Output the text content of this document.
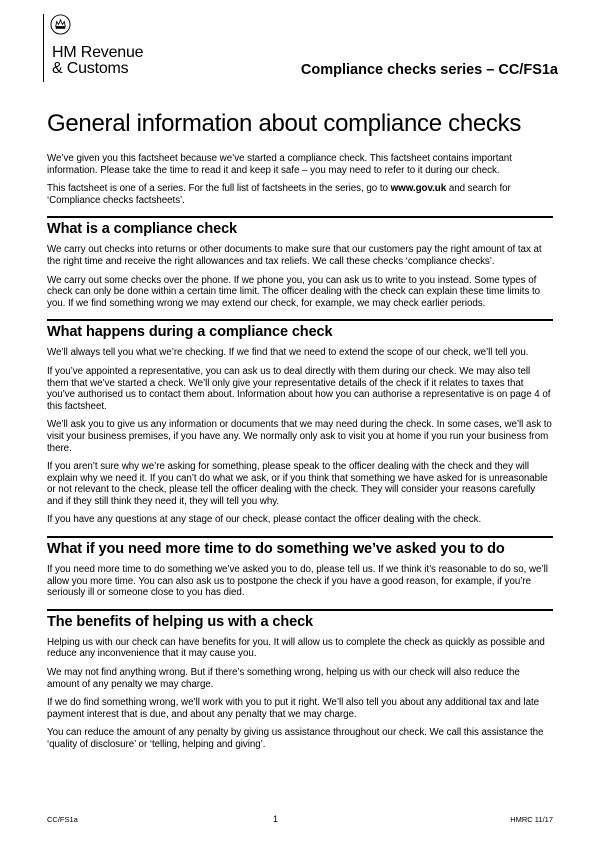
HM Revenue
& Customs	Compliance checks series – CC/FS1a
General information about compliance checks

We’ve given you this factsheet because we’ve started a compliance check. This factsheet contains important information. Please take the time to read it and keep it safe – you may need to refer to it during our check.

This factsheet is one of a series. For the full list of factsheets in the series, go to www.gov.uk and search for ‘Compliance checks factsheets’.

What is a compliance check

We carry out checks into returns or other documents to make sure that our customers pay the right amount of tax at the right time and receive the right allowances and tax reliefs. We call these checks ‘compliance checks’.

We carry out some checks over the phone. If we phone you, you can ask us to write to you instead. Some types of check can only be done within a certain time limit. The officer dealing with the check can explain these time limits to you. If we find something wrong we may extend our check, for example, we may check earlier periods.

What happens during a compliance check

We’ll always tell you what we’re checking. If we find that we need to extend the scope of our check, we’ll tell you.

If you’ve appointed a representative, you can ask us to deal directly with them during our check. We may also tell them that we’ve started a check. We’ll only give your representative details of the check if it relates to taxes that you’ve authorised us to contact them about. Information about how you can authorise a representative is on page 4 of this factsheet.

We’ll ask you to give us any information or documents that we may need during the check. In some cases, we’ll ask to visit your business premises, if you have any. We normally only ask to visit you at home if you run your business from there.

If you aren’t sure why we’re asking for something, please speak to the officer dealing with the check and they will explain why we need it. If you can’t do what we ask, or if you think that something we have asked for is unreasonable or not relevant to the check, please tell the officer dealing with the check. They will consider your reasons carefully and if they still think they need it, they will tell you why.

If you have any questions at any stage of our check, please contact the officer dealing with the check.

What if you need more time to do something we’ve asked you to do

If you need more time to do something we’ve asked you to do, please tell us. If we think it’s reasonable to do so, we’ll allow you more time. You can also ask us to postpone the check if you have a good reason, for example, if you’re seriously ill or someone close to you has died.

The benefits of helping us with a check

Helping us with our check can have benefits for you. It will allow us to complete the check as quickly as possible and reduce any inconvenience that it may cause you.

We may not find anything wrong. But if there’s something wrong, helping us with our check will also reduce the amount of any penalty we may charge.

If we do find something wrong, we’ll work with you to put it right. We’ll also tell you about any additional tax and late payment interest that is due, and about any penalty that we may charge.

You can reduce the amount of any penalty by giving us assistance throughout our check. We call this assistance the ‘quality of disclosure’ or ‘telling, helping and giving’.

CC/FS1a	1	HMRC 11/17
